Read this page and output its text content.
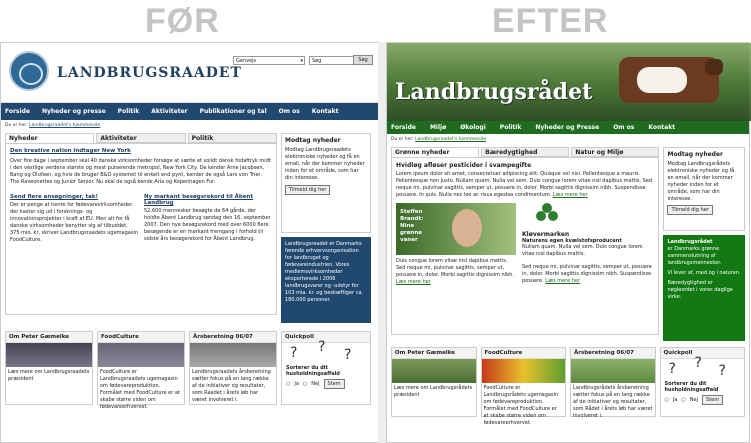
FØR	EFTER
LANDBRUGSRAADET
Genvejs ▾	Søg	Søg
Forside Nyheder og presse Politik Aktiviteter Publikationer og tal Om os Kontakt
Du er her: Landbrugsraadet's hjemmeside
Nyheder	Aktiviteter	Politik
Den kreative nation indtager New York
Over fire dage i september skal 40 danske virksomheder forsøge at sætte et solidt dansk fodaftryk midt i den vestlige verdens største og mest pulserende metropol, New York City. De kender Arne Jacobsen, Bang og Olufsen, og hvis de bruger B&O systemet til enkelt end pynt, kender de også Lars von Trier, The Raveonettes og Junior Senior. Nu skal de også kende Arla og Kopenhagen Fur.
Send flere ansøgninger, tak!
Der er penge at hente for fødevarevirksomheder, der kaster sig ud i forsknings- og innovationsprojekter i kraft af EU. Men alt for få danske virksomheder benytter sig af tilbuddet. 375 mio. kr, skriver Landbrugsraadets ugemagasin FoodCulture.
Ny markant besøgsrekord til Åbent Landbrug
52.600 mennesker besøgte de 64 gårde, der holdte Åbent Landbrug søndag den 16. september 2007. Den nye besøgsrekord med over 6000 flere besøgende er en markant fremgang i forhold til sidste års besøgsrekord for Åbent Landbrug.
Modtag nyheder
Modtag Landbrugsraadets elektroniske nyheder og få en email, når der kommer nyheder inden for et område, som har din interesse.
Tilmeld dig her
Landbrugsraadet er Danmarks førende erhvervsorganisation for landbruget og fødevareindustrien. Vores medlemsvirksomheder eksporterede i 2006 landbrugsvarer og -udstyr for 103 mia. kr. og beskæftiger ca. 180.000 personer.
Om Peter Gæmelke
Læs mere om Landbrugsraadets præsident
FoodCulture
FoodCulture er Landbrugsraadets ugemagasin om fødevareproduktion. Formålet med FoodCulture er at skabe større viden om fødevareerhvervet.
Årsberetning 06/07
Landbrugsraadets årsberetning sætter fokus på en lang række af de initiativer og resultater, som Raadet i årets løb har været involveret i.
Quickpoll
? ? ?
Sorterer du dit husholdningsaffald
○ Ja ○ Nej	Stem
Landbrugsrådet
Forside Miljø Økologi Politik Nyheder og Presse Om os Kontakt
Du er her: Landbrugsraadet's hjemmeside
Grønne nyheder	Bæredygtighed	Natur og Miljø
Hvidløg afløser pesticider i svampegifte
Lorem ipsum dolor sit amet, consectetuer adipiscing elit. Quisque vel nisi. Pellentesque a mauris. Pellentesque non justo. Nullam quam. Nulla vel sem. Duis congue lorem vitae nisl dapibus mattis. Sed neque mi, pulvinar sagittis, semper ut, posuere in, dolor. Morbi sagittis dignissim nibh. Suspendisse posuere. In quis. Nulla nec leo ac risus egestas condimentum. Læs mere her
Steffen Brandt: Nine grønne vaner
Duis congue lorem vitae nisl dapibus mattis. Sed neque mi, pulvinar sagittis, semper ut, posuere in, dolor. Morbi sagittis dignissim nibh. Læs mere her
Kløvermarken
Naturens egen kvælstofsproducent
Nullam quam. Nulla vel sem. Duis congue lorem vitae nisl dapibus mattis.
Sed neque mi, pulvinar sagittis, semper ut, posuere in, dolor. Morbi sagittis dignissim nibh. Suspendisse posuere. Læs mere her
Modtag nyheder
Modtag Landbrugsrådets elektroniske nyheder og få en email, når der kommer nyheder inden for et område, som har din interesse.
Tilmeld dig her
Landbrugsrådet
er Danmarks grønne sammenslutning af landbrugsmennesker.
Vi lever af, med og i naturen.
Bæredygtighed er nøgleordet i vores daglige virke.
Om Peter Gæmelke
Læs mere om Landbrugsrådets præsident
FoodCulture
FoodCulture er Landbrugsrådets ugemagasin om fødevareproduktion. Formålet med FoodCulture er at skabe større viden om fødevareerhvervet.
Årsberetning 06/07
Landbrugsrådets årsberetning sætter fokus på en lang række af de initiativer og resultater, som Rådet i årets løb har været involveret i.
Quickpoll
? ? ?
Sorterer du dit husholdningsaffald
○ Ja ○ Nej	Stem
